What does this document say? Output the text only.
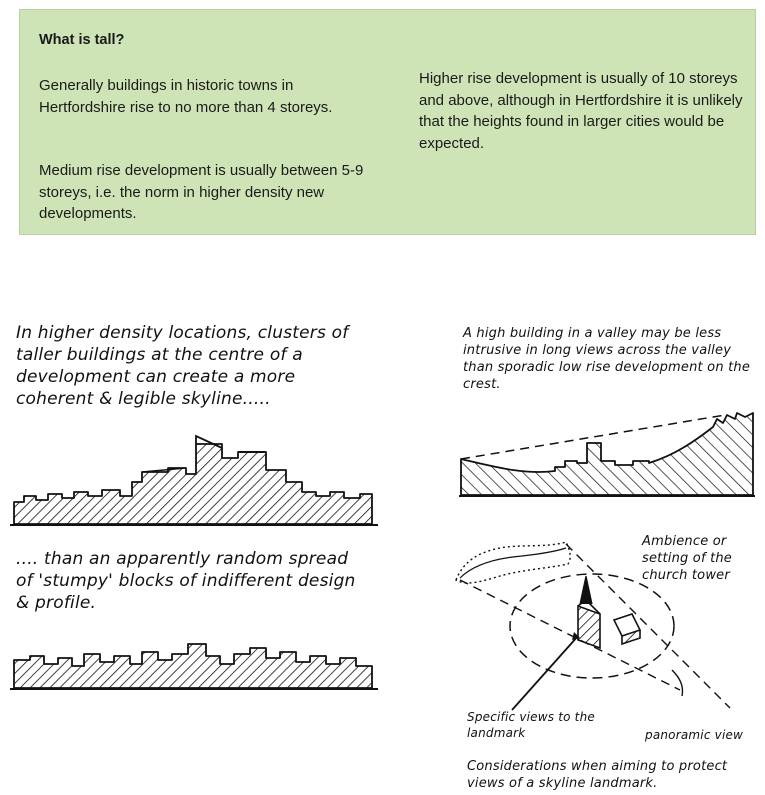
What is tall?

Generally buildings in historic towns in Hertfordshire rise to no more than 4 storeys.

Medium rise development is usually between 5-9 storeys, i.e. the norm in higher density new developments.

Higher rise development is usually of 10 storeys and above, although in Hertfordshire it is unlikely that the heights found in larger cities would be expected.

In higher density locations, clusters of taller buildings at the centre of a development can create a more coherent & legible skyline.....

.... than an apparently random spread of 'stumpy' blocks of indifferent design & profile.

A high building in a valley may be less intrusive in long views across the valley than sporadic low rise development on the crest.

Ambience or setting of the church tower

Specific views to the landmark	panoramic view

Considerations when aiming to protect views of a skyline landmark.
